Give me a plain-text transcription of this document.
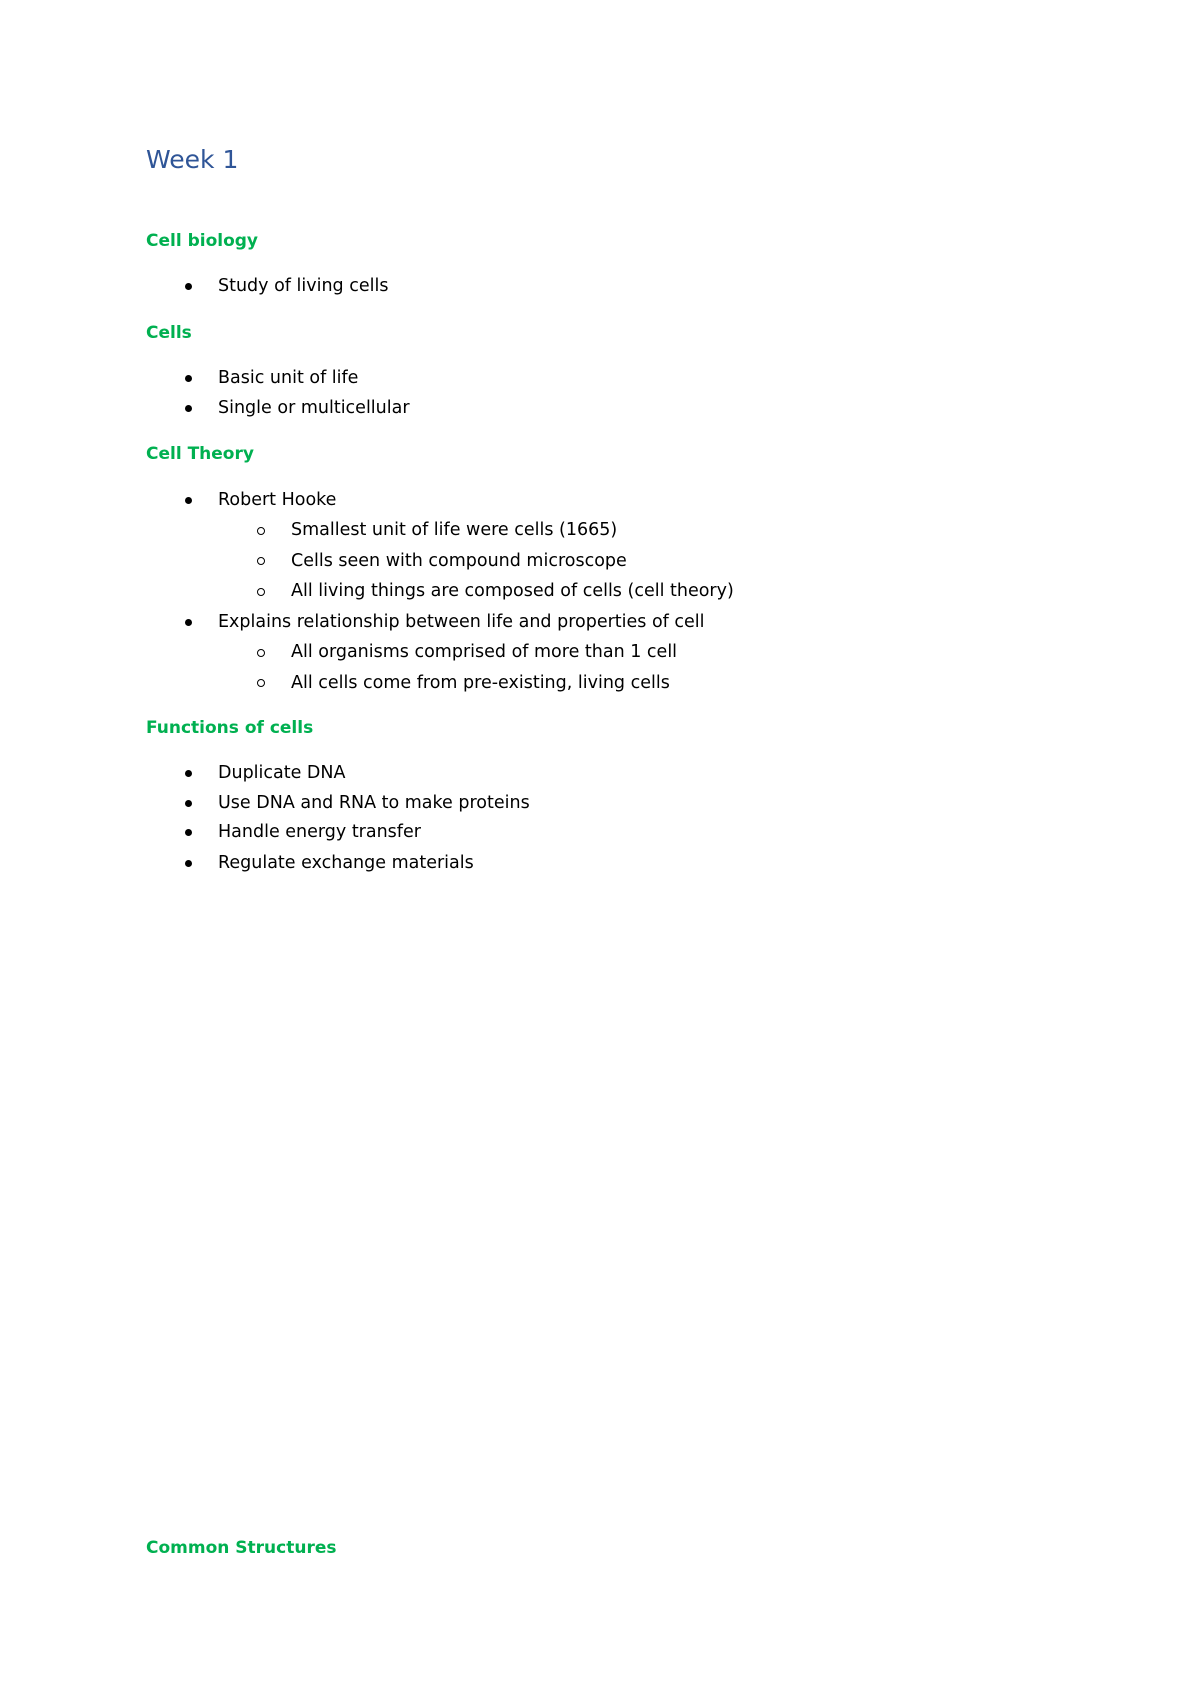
Week 1
Cell biology
Study of living cells
Cells
Basic unit of life
Single or multicellular
Cell Theory
Robert Hooke
Smallest unit of life were cells (1665)
Cells seen with compound microscope
All living things are composed of cells (cell theory)
Explains relationship between life and properties of cell
All organisms comprised of more than 1 cell
All cells come from pre-existing, living cells
Functions of cells
Duplicate DNA
Use DNA and RNA to make proteins
Handle energy transfer
Regulate exchange materials
Common Structures
